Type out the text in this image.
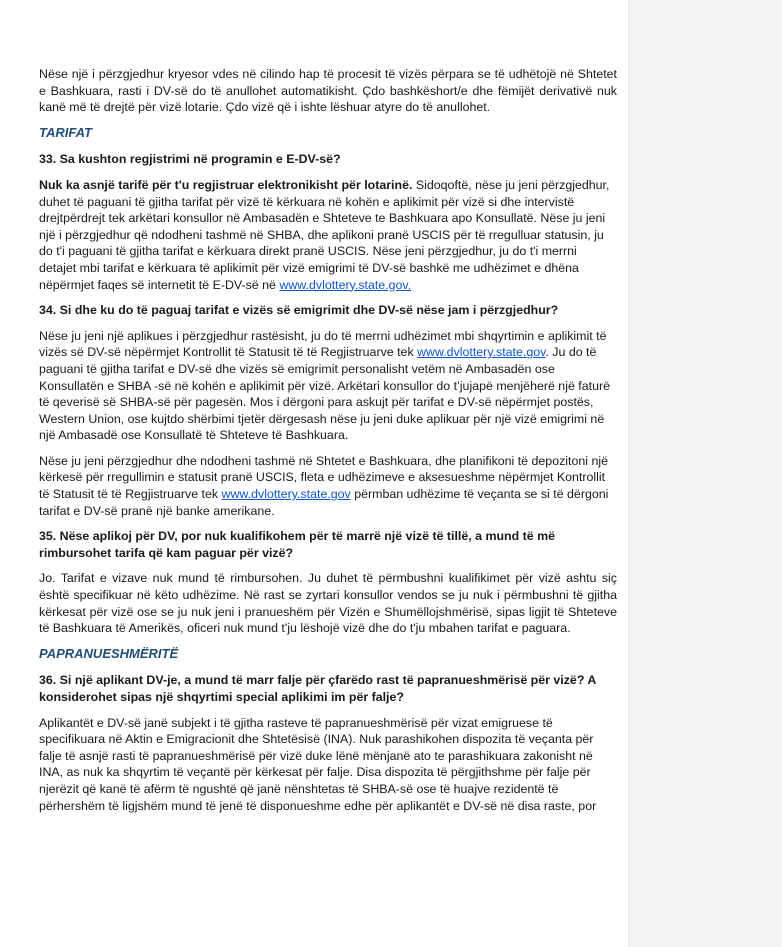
Nëse një i përzgjedhur kryesor vdes në cilindo hap të procesit të vizës përpara se të udhëtojë në Shtetet e Bashkuara, rasti i DV-së do të anullohet automatikisht. Çdo bashkëshort/e dhe fëmijët derivativë nuk kanë më të drejtë për vizë lotarie. Çdo vizë që i ishte lëshuar atyre do të anullohet.

TARIFAT

33. Sa kushton regjistrimi në programin e E-DV-së?

Nuk ka asnjë tarifë për t'u regjistruar elektronikisht për lotarinë. Sidoqoftë, nëse ju jeni përzgjedhur, duhet të paguani të gjitha tarifat për vizë të kërkuara në kohën e aplikimit për vizë si dhe intervistë drejtpërdrejt tek arkëtari konsullor në Ambasadën e Shteteve te Bashkuara apo Konsullatë. Nëse ju jeni një i përzgjedhur që ndodheni tashmë në SHBA, dhe aplikoni pranë USCIS për të rregulluar statusin, ju do t'i paguani të gjitha tarifat e kërkuara direkt pranë USCIS. Nëse jeni përzgjedhur, ju do t'i merrni detajet mbi tarifat e kërkuara të aplikimit për vizë emigrimi të DV-së bashkë me udhëzimet e dhëna nëpërmjet faqes së internetit të E-DV-së në www.dvlottery.state.gov.

34. Si dhe ku do të paguaj tarifat e vizës së emigrimit dhe DV-së nëse jam i përzgjedhur?

Nëse ju jeni një aplikues i përzgjedhur rastësisht, ju do të merrni udhëzimet mbi shqyrtimin e aplikimit të vizës së DV-së nëpërmjet Kontrollit të Statusit të të Regjistruarve tek www.dvlottery.state.gov. Ju do të paguani të gjitha tarifat e DV-së dhe vizës së emigrimit personalisht vetëm në Ambasadën ose Konsullatën e SHBA -së në kohën e aplikimit për vizë. Arkëtari konsullor do t’jujapë menjëherë një faturë të qeverisë së SHBA-së për pagesën. Mos i dërgoni para askujt për tarifat e DV-së nëpërmjet postës, Western Union, ose kujtdo shërbimi tjetër dërgesash nëse ju jeni duke aplikuar për një vizë emigrimi në një Ambasadë ose Konsullatë të Shteteve të Bashkuara.

Nëse ju jeni përzgjedhur dhe ndodheni tashmë në Shtetet e Bashkuara, dhe planifikoni të depozitoni një kërkesë për rregullimin e statusit pranë USCIS, fleta e udhëzimeve e aksesueshme nëpërmjet Kontrollit të Statusit të të Regjistruarve tek www.dvlottery.state.gov përmban udhëzime të veçanta se si të dërgoni tarifat e DV-së pranë një banke amerikane.

35. Nëse aplikoj për DV, por nuk kualifikohem për të marrë një vizë të tillë, a mund të më rimbursohet tarifa që kam paguar për vizë?

Jo. Tarifat e vizave nuk mund të rimbursohen. Ju duhet të përmbushni kualifikimet për vizë ashtu siç është specifikuar në këto udhëzime. Në rast se zyrtari konsullor vendos se ju nuk i përmbushni të gjitha kërkesat për vizë ose se ju nuk jeni i pranueshëm për Vizën e Shumëllojshmërisë, sipas ligjit të Shteteve të Bashkuara të Amerikës, oficeri nuk mund t'ju lëshojë vizë dhe do t'ju mbahen tarifat e paguara.

PAPRANUESHMËRITË

36. Si një aplikant DV-je, a mund të marr falje për çfarëdo rast të papranueshmërisë për vizë? A konsiderohet sipas një shqyrtimi special aplikimi im për falje?

Aplikantët e DV-së janë subjekt i të gjitha rasteve të papranueshmërisë për vizat emigruese të specifikuara në Aktin e Emigracionit dhe Shtetësisë (INA). Nuk parashikohen dispozita të veçanta për falje të asnjë rasti të papranueshmërisë për vizë duke lënë mënjanë ato te parashikuara zakonisht në INA, as nuk ka shqyrtim të veçantë për kërkesat për falje. Disa dispozita të përgjithshme për falje për njerëzit që kanë të afërm të ngushtë që janë nënshtetas të SHBA-së ose të huajve rezidentë të përhershëm të ligjshëm mund të jenë të disponueshme edhe për aplikantët e DV-së në disa raste, por
